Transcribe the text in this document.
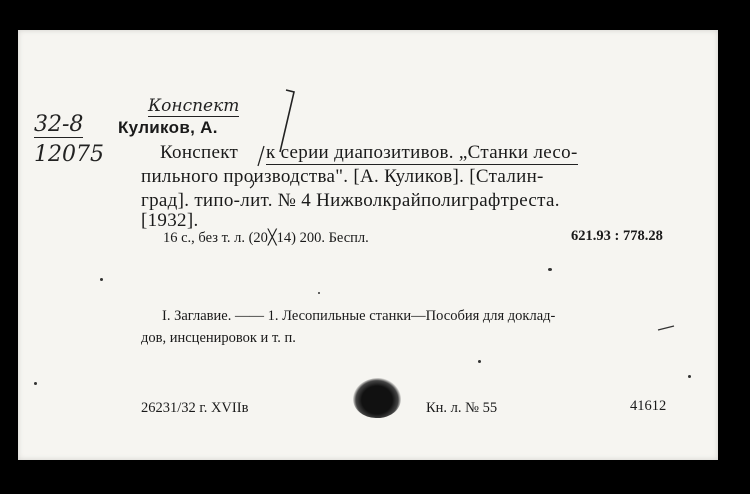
Конспект
32-8
12075
Куликов, А.
Конспект к серии диапозитивов. „Станки лесо-
пильного производства". [А. Куликов]. [Сталин-
град]. типо-лит. № 4 Нижволкрайполиграфтреста.
[1932].
16 с., без т. л. (20╳14) 200. Беспл.	621.93 : 778.28
I. Заглавие. —— 1. Лесопильные станки—Пособия для доклад-
дов, инсценировок и т. п.
26231/32 г. XVIIв	Кн. л. № 55	41612
